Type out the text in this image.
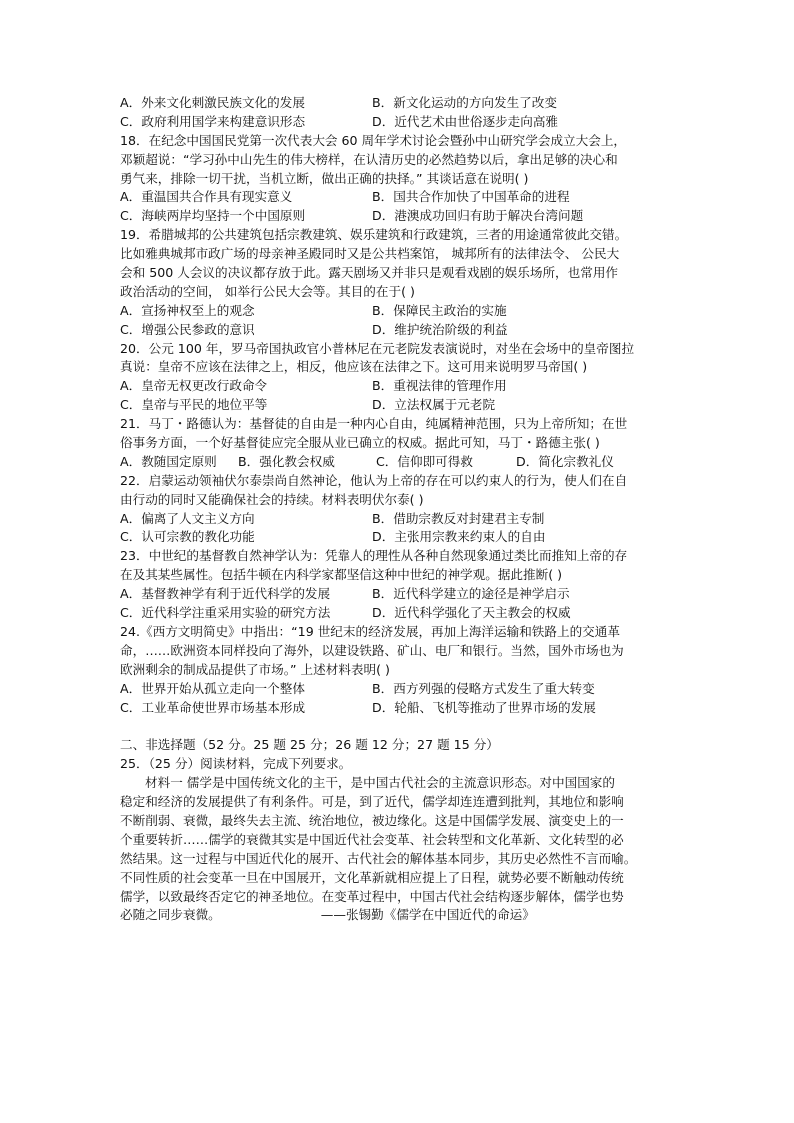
A．外来文化刺激民族文化的发展	B．新文化运动的方向发生了改变
C．政府利用国学来构建意识形态	D．近代艺术由世俗逐步走向高雅
18．在纪念中国国民党第一次代表大会 60 周年学术讨论会暨孙中山研究学会成立大会上，
邓颖超说：“学习孙中山先生的伟大榜样，在认清历史的必然趋势以后，拿出足够的决心和
勇气来，排除一切干扰，当机立断，做出正确的抉择。” 其谈话意在说明( )
A．重温国共合作具有现实意义	B．国共合作加快了中国革命的进程
C．海峡两岸均坚持一个中国原则	D．港澳成功回归有助于解决台湾问题
19．希腊城邦的公共建筑包括宗教建筑、娱乐建筑和行政建筑，三者的用途通常彼此交错。
比如雅典城邦市政广场的母亲神圣殿同时又是公共档案馆， 城邦所有的法律法令、 公民大
会和 500 人会议的决议都存放于此。露天剧场又并非只是观看戏剧的娱乐场所，也常用作
政治活动的空间， 如举行公民大会等。其目的在于( )
A．宣扬神权至上的观念	B．保障民主政治的实施
C．增强公民参政的意识	D．维护统治阶级的利益
20．公元 100 年，罗马帝国执政官小普林尼在元老院发表演说时，对坐在会场中的皇帝图拉
真说：皇帝不应该在法律之上，相反，他应该在法律之下。这可用来说明罗马帝国( )
A．皇帝无权更改行政命令	B．重视法律的管理作用
C．皇帝与平民的地位平等	D．立法权属于元老院
21．马丁・路德认为：基督徒的自由是一种内心自由，纯属精神范围，只为上帝所知；在世
俗事务方面，一个好基督徒应完全服从业已确立的权威。据此可知，马丁・路德主张( )
A．教随国定原则	B．强化教会权威	C．信仰即可得救	D．简化宗教礼仪
22．启蒙运动领袖伏尔泰崇尚自然神论，他认为上帝的存在可以约束人的行为，使人们在自
由行动的同时又能确保社会的持续。材料表明伏尔泰( )
A．偏离了人文主义方向	B．借助宗教反对封建君主专制
C．认可宗教的教化功能	D．主张用宗教来约束人的自由
23．中世纪的基督教自然神学认为：凭靠人的理性从各种自然现象通过类比而推知上帝的存
在及其某些属性。包括牛顿在内科学家都坚信这种中世纪的神学观。据此推断( )
A．基督教神学有利于近代科学的发展	B．近代科学建立的途径是神学启示
C．近代科学注重采用实验的研究方法	D．近代科学强化了天主教会的权威
24.《西方文明简史》中指出：“19 世纪末的经济发展，再加上海洋运输和铁路上的交通革
命，……欧洲资本同样投向了海外，以建设铁路、矿山、电厂和银行。当然，国外市场也为
欧洲剩余的制成品提供了市场。” 上述材料表明( )
A．世界开始从孤立走向一个整体	B．西方列强的侵略方式发生了重大转变
C．工业革命使世界市场基本形成	D．轮船、飞机等推动了世界市场的发展
二、非选择题（52 分。25 题 25 分；26 题 12 分；27 题 15 分）
25．（25 分）阅读材料，完成下列要求。
材料一 儒学是中国传统文化的主干，是中国古代社会的主流意识形态。对中国国家的
稳定和经济的发展提供了有利条件。可是，到了近代，儒学却连连遭到批判，其地位和影响
不断削弱、衰微，最终失去主流、统治地位，被边缘化。这是中国儒学发展、演变史上的一
个重要转折……儒学的衰微其实是中国近代社会变革、社会转型和文化革新、文化转型的必
然结果。这一过程与中国近代化的展开、古代社会的解体基本同步，其历史必然性不言而喻。
不同性质的社会变革一旦在中国展开，文化革新就相应提上了日程，就势必要不断触动传统
儒学，以致最终否定它的神圣地位。在变革过程中，中国古代社会结构逐步解体，儒学也势
必随之同步衰微。	——张锡勤《儒学在中国近代的命运》
